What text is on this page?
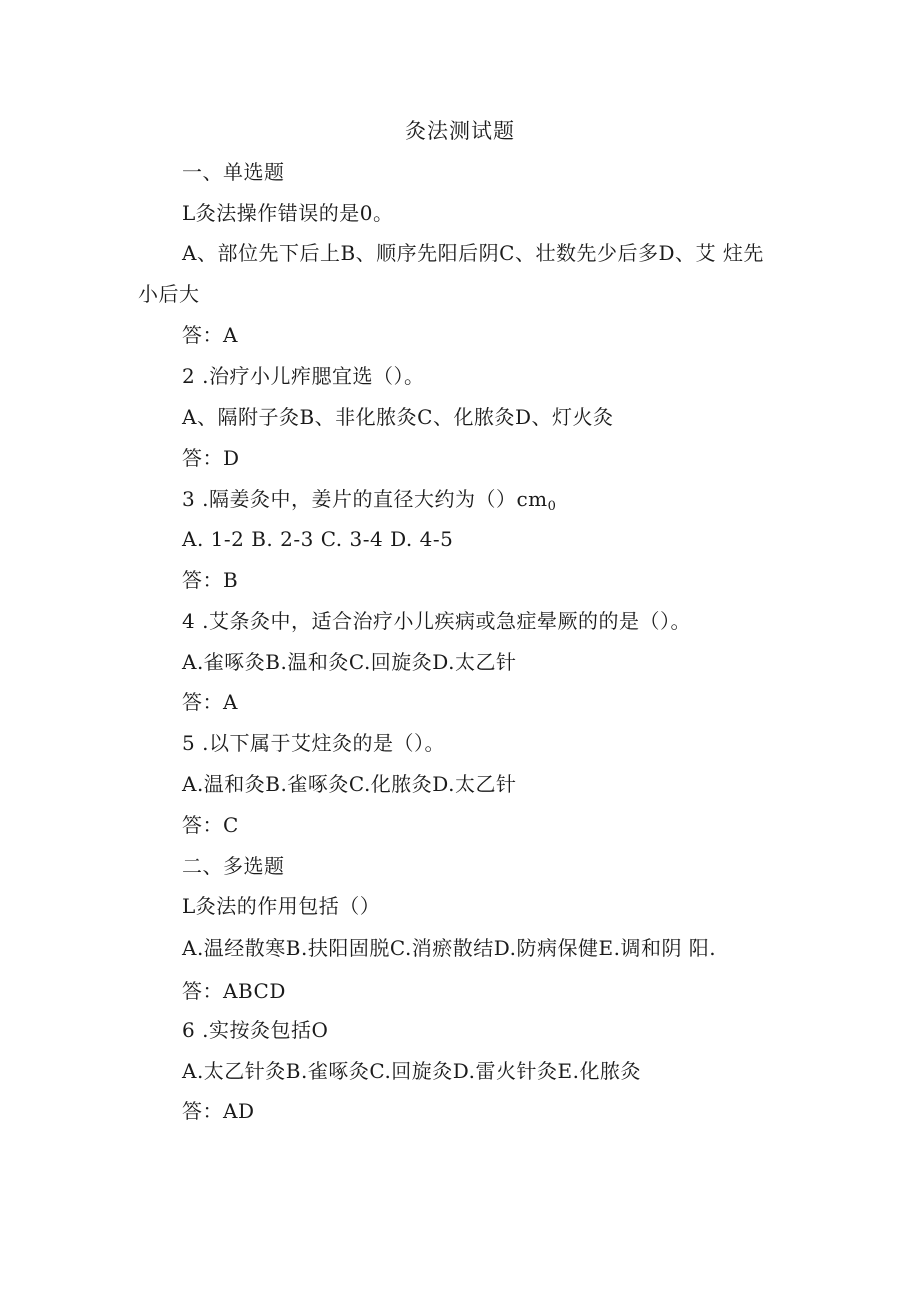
灸法测试题
一、单选题
L灸法操作错误的是0。
A、部位先下后上B、顺序先阳后阴C、壮数先少后多D、艾 炷先
小后大
答：A
2 .治疗小儿痄腮宜选（）。
A、隔附子灸B、非化脓灸C、化脓灸D、灯火灸
答：D
3 .隔姜灸中，姜片的直径大约为$()cm_0$
A. 1-2 B. 2-3 C. 3-4 D. 4-5
答：B
4 .艾条灸中，适合治疗小儿疾病或急症晕厥的的是（）。
A.雀啄灸B.温和灸C.回旋灸D.太乙针
答：A
5 .以下属于艾炷灸的是（）。
A.温和灸B.雀啄灸C.化脓灸D.太乙针
答：C
二、多选题
L灸法的作用包括（）
A.温经散寒B.扶阳固脱C.消瘀散结D.防病保健E.调和阴 阳.
答：ABCD
6 .实按灸包括O
A.太乙针灸B.雀啄灸C.回旋灸D.雷火针灸E.化脓灸
答：AD
